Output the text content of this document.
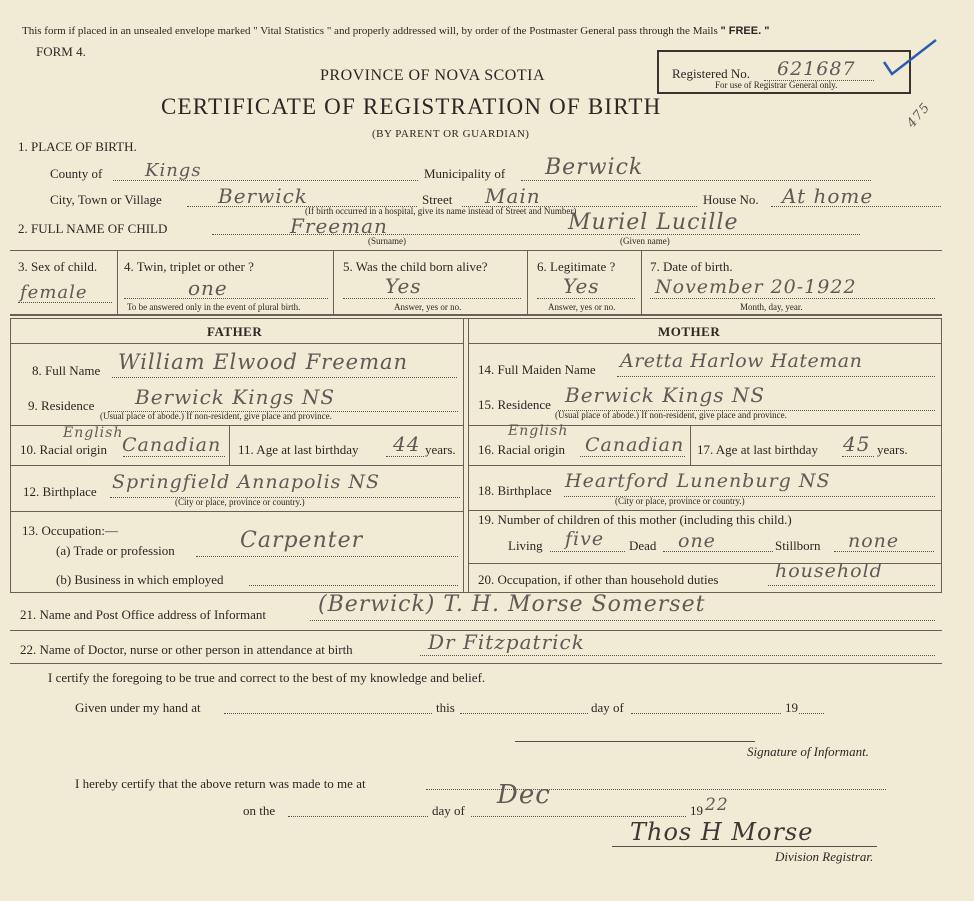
This form if placed in an unsealed envelope marked " Vital Statistics " and properly addressed will, by order of the Postmaster General pass through the Mails " FREE. "
FORM 4.
PROVINCE OF NOVA SCOTIA
CERTIFICATE OF REGISTRATION OF BIRTH
(BY PARENT OR GUARDIAN)
Registered No. 621687
For use of Registrar General only.
475
1. PLACE OF BIRTH.
County of Kings	Municipality of Berwick
City, Town or Village	Berwick	Street Main	House No. At home
(If birth occurred in a hospital, give its name instead of Street and Number)
2. FULL NAME OF CHILD	Freeman	Muriel Lucille
(Surname)	(Given name)
3. Sex of child.
female
4. Twin, triplet or other ?
one
To be answered only in the event of plural birth.
5. Was the child born alive?
Yes
Answer, yes or no.
6. Legitimate ?
Yes
Answer, yes or no.
7. Date of birth.
November 20-1922
Month, day, year.
FATHER	MOTHER
8. Full Name William Elwood Freeman
9. Residence Berwick Kings NS
(Usual place of abode.) If non-resident, give place and province.
English
10. Racial origin Canadian 11. Age at last birthday 44 years.
12. Birthplace Springfield Annapolis NS
(City or place, province or country.)
13. Occupation:—
(a) Trade or profession	Carpenter
(b) Business in which employed
14. Full Maiden Name Aretta Harlow Hateman
15. Residence Berwick Kings NS
(Usual place of abode.) If non-resident, give place and province.
English
16. Racial origin Canadian 17. Age at last birthday 45 years.
18. Birthplace Heartford Lunenburg NS
(City or place, province or country.)
19. Number of children of this mother (including this child.)
Living five Dead one	Stillborn none
20. Occupation, if other than household duties	household
21. Name and Post Office address of Informant (Berwick) T. H. Morse Somerset
22. Name of Doctor, nurse or other person in attendance at birth	Dr Fitzpatrick
I certify the foregoing to be true and correct to the best of my knowledge and belief.
Given under my hand at	this	day of	19
Signature of Informant.
I hereby certify that the above return was made to me at
on the	day of
Dec
19 22
Thos H Morse
Division Registrar.
